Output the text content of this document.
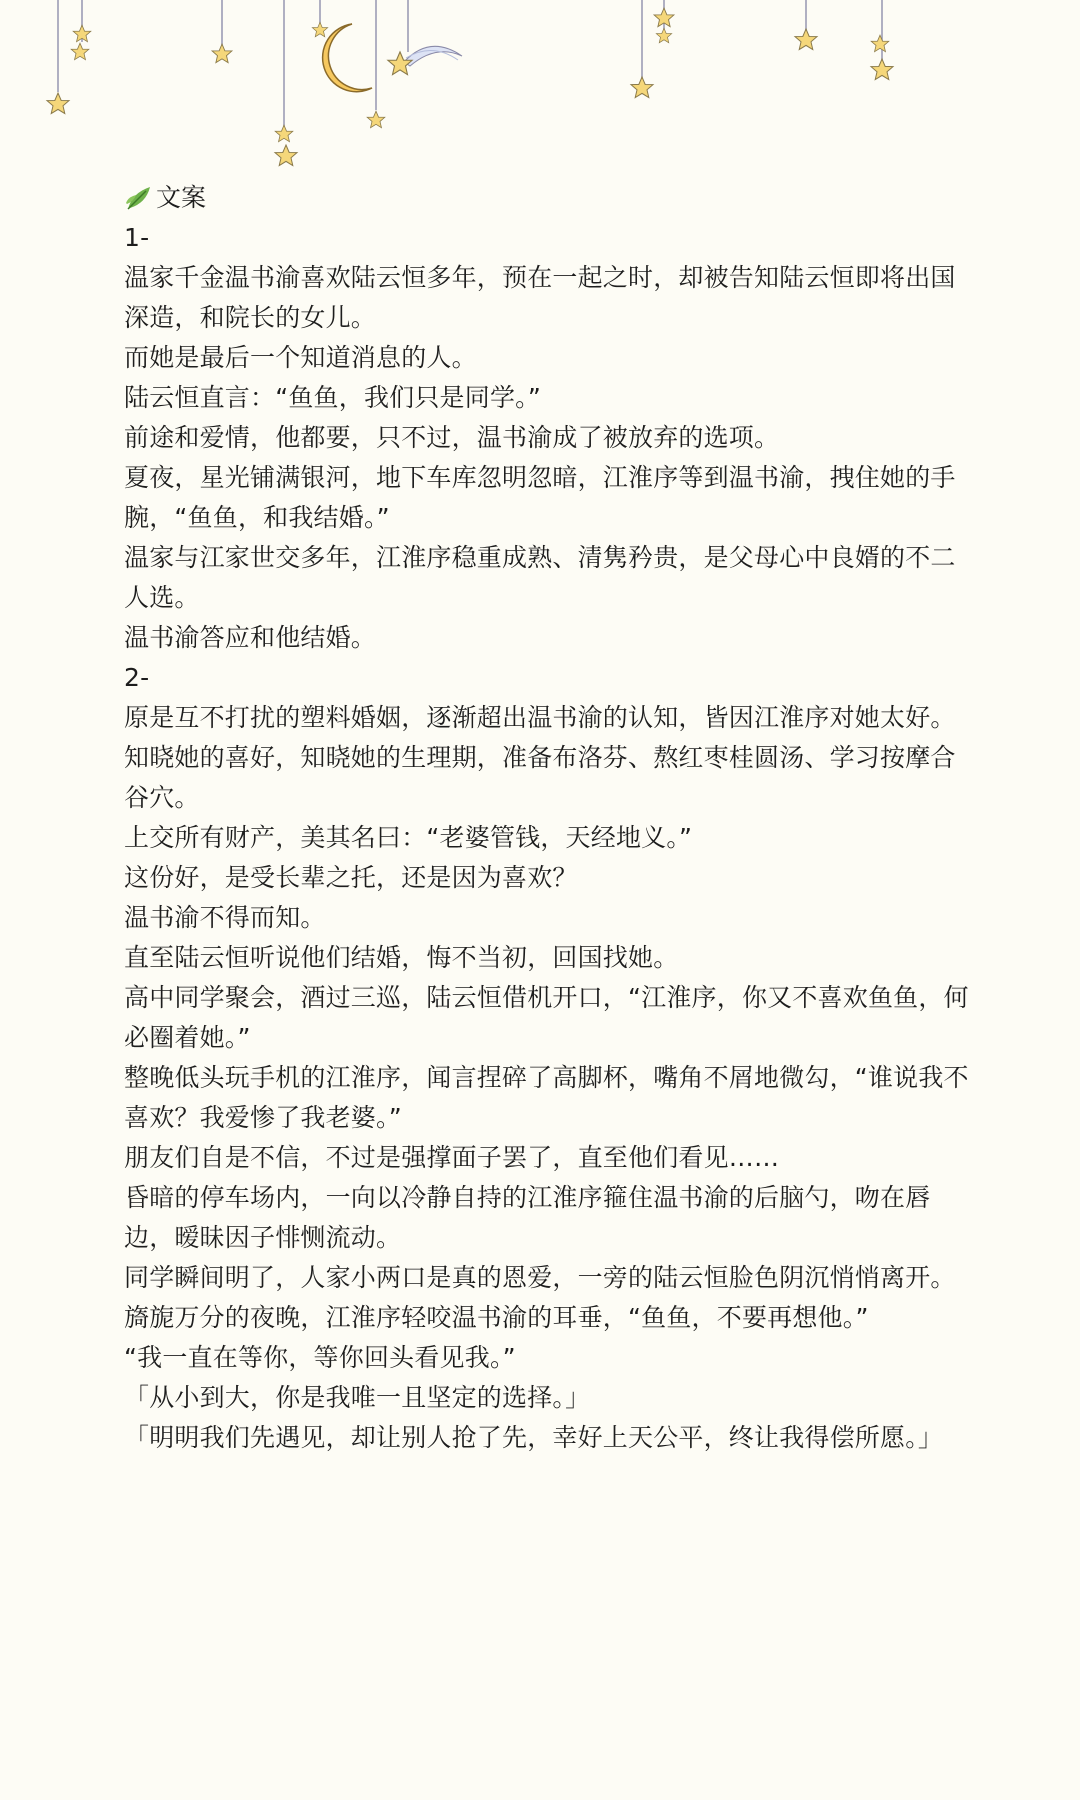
文案

1-

温家千金温书渝喜欢陆云恒多年，预在一起之时，却被告知陆云恒即将出国深造，和院长的女儿。

而她是最后一个知道消息的人。

陆云恒直言：“鱼鱼，我们只是同学。”

前途和爱情，他都要，只不过，温书渝成了被放弃的选项。

夏夜，星光铺满银河，地下车库忽明忽暗，江淮序等到温书渝，拽住她的手腕，“鱼鱼，和我结婚。”

温家与江家世交多年，江淮序稳重成熟、清隽矜贵，是父母心中良婿的不二人选。

温书渝答应和他结婚。

2-

原是互不打扰的塑料婚姻，逐渐超出温书渝的认知，皆因江淮序对她太好。

知晓她的喜好，知晓她的生理期，准备布洛芬、熬红枣桂圆汤、学习按摩合谷穴。

上交所有财产，美其名曰：“老婆管钱，天经地义。”

这份好，是受长辈之托，还是因为喜欢？

温书渝不得而知。

直至陆云恒听说他们结婚，悔不当初，回国找她。

高中同学聚会，酒过三巡，陆云恒借机开口，“江淮序，你又不喜欢鱼鱼，何必圈着她。”

整晚低头玩手机的江淮序，闻言捏碎了高脚杯，嘴角不屑地微勾，“谁说我不喜欢？我爱惨了我老婆。”

朋友们自是不信，不过是强撑面子罢了，直至他们看见……

昏暗的停车场内，一向以冷静自持的江淮序箍住温书渝的后脑勺，吻在唇边，暧昧因子悱恻流动。

同学瞬间明了，人家小两口是真的恩爱，一旁的陆云恒脸色阴沉悄悄离开。

旖旎万分的夜晚，江淮序轻咬温书渝的耳垂，“鱼鱼，不要再想他。”

“我一直在等你，等你回头看见我。”

「从小到大，你是我唯一且坚定的选择。」

「明明我们先遇见，却让别人抢了先，幸好上天公平，终让我得偿所愿。」
